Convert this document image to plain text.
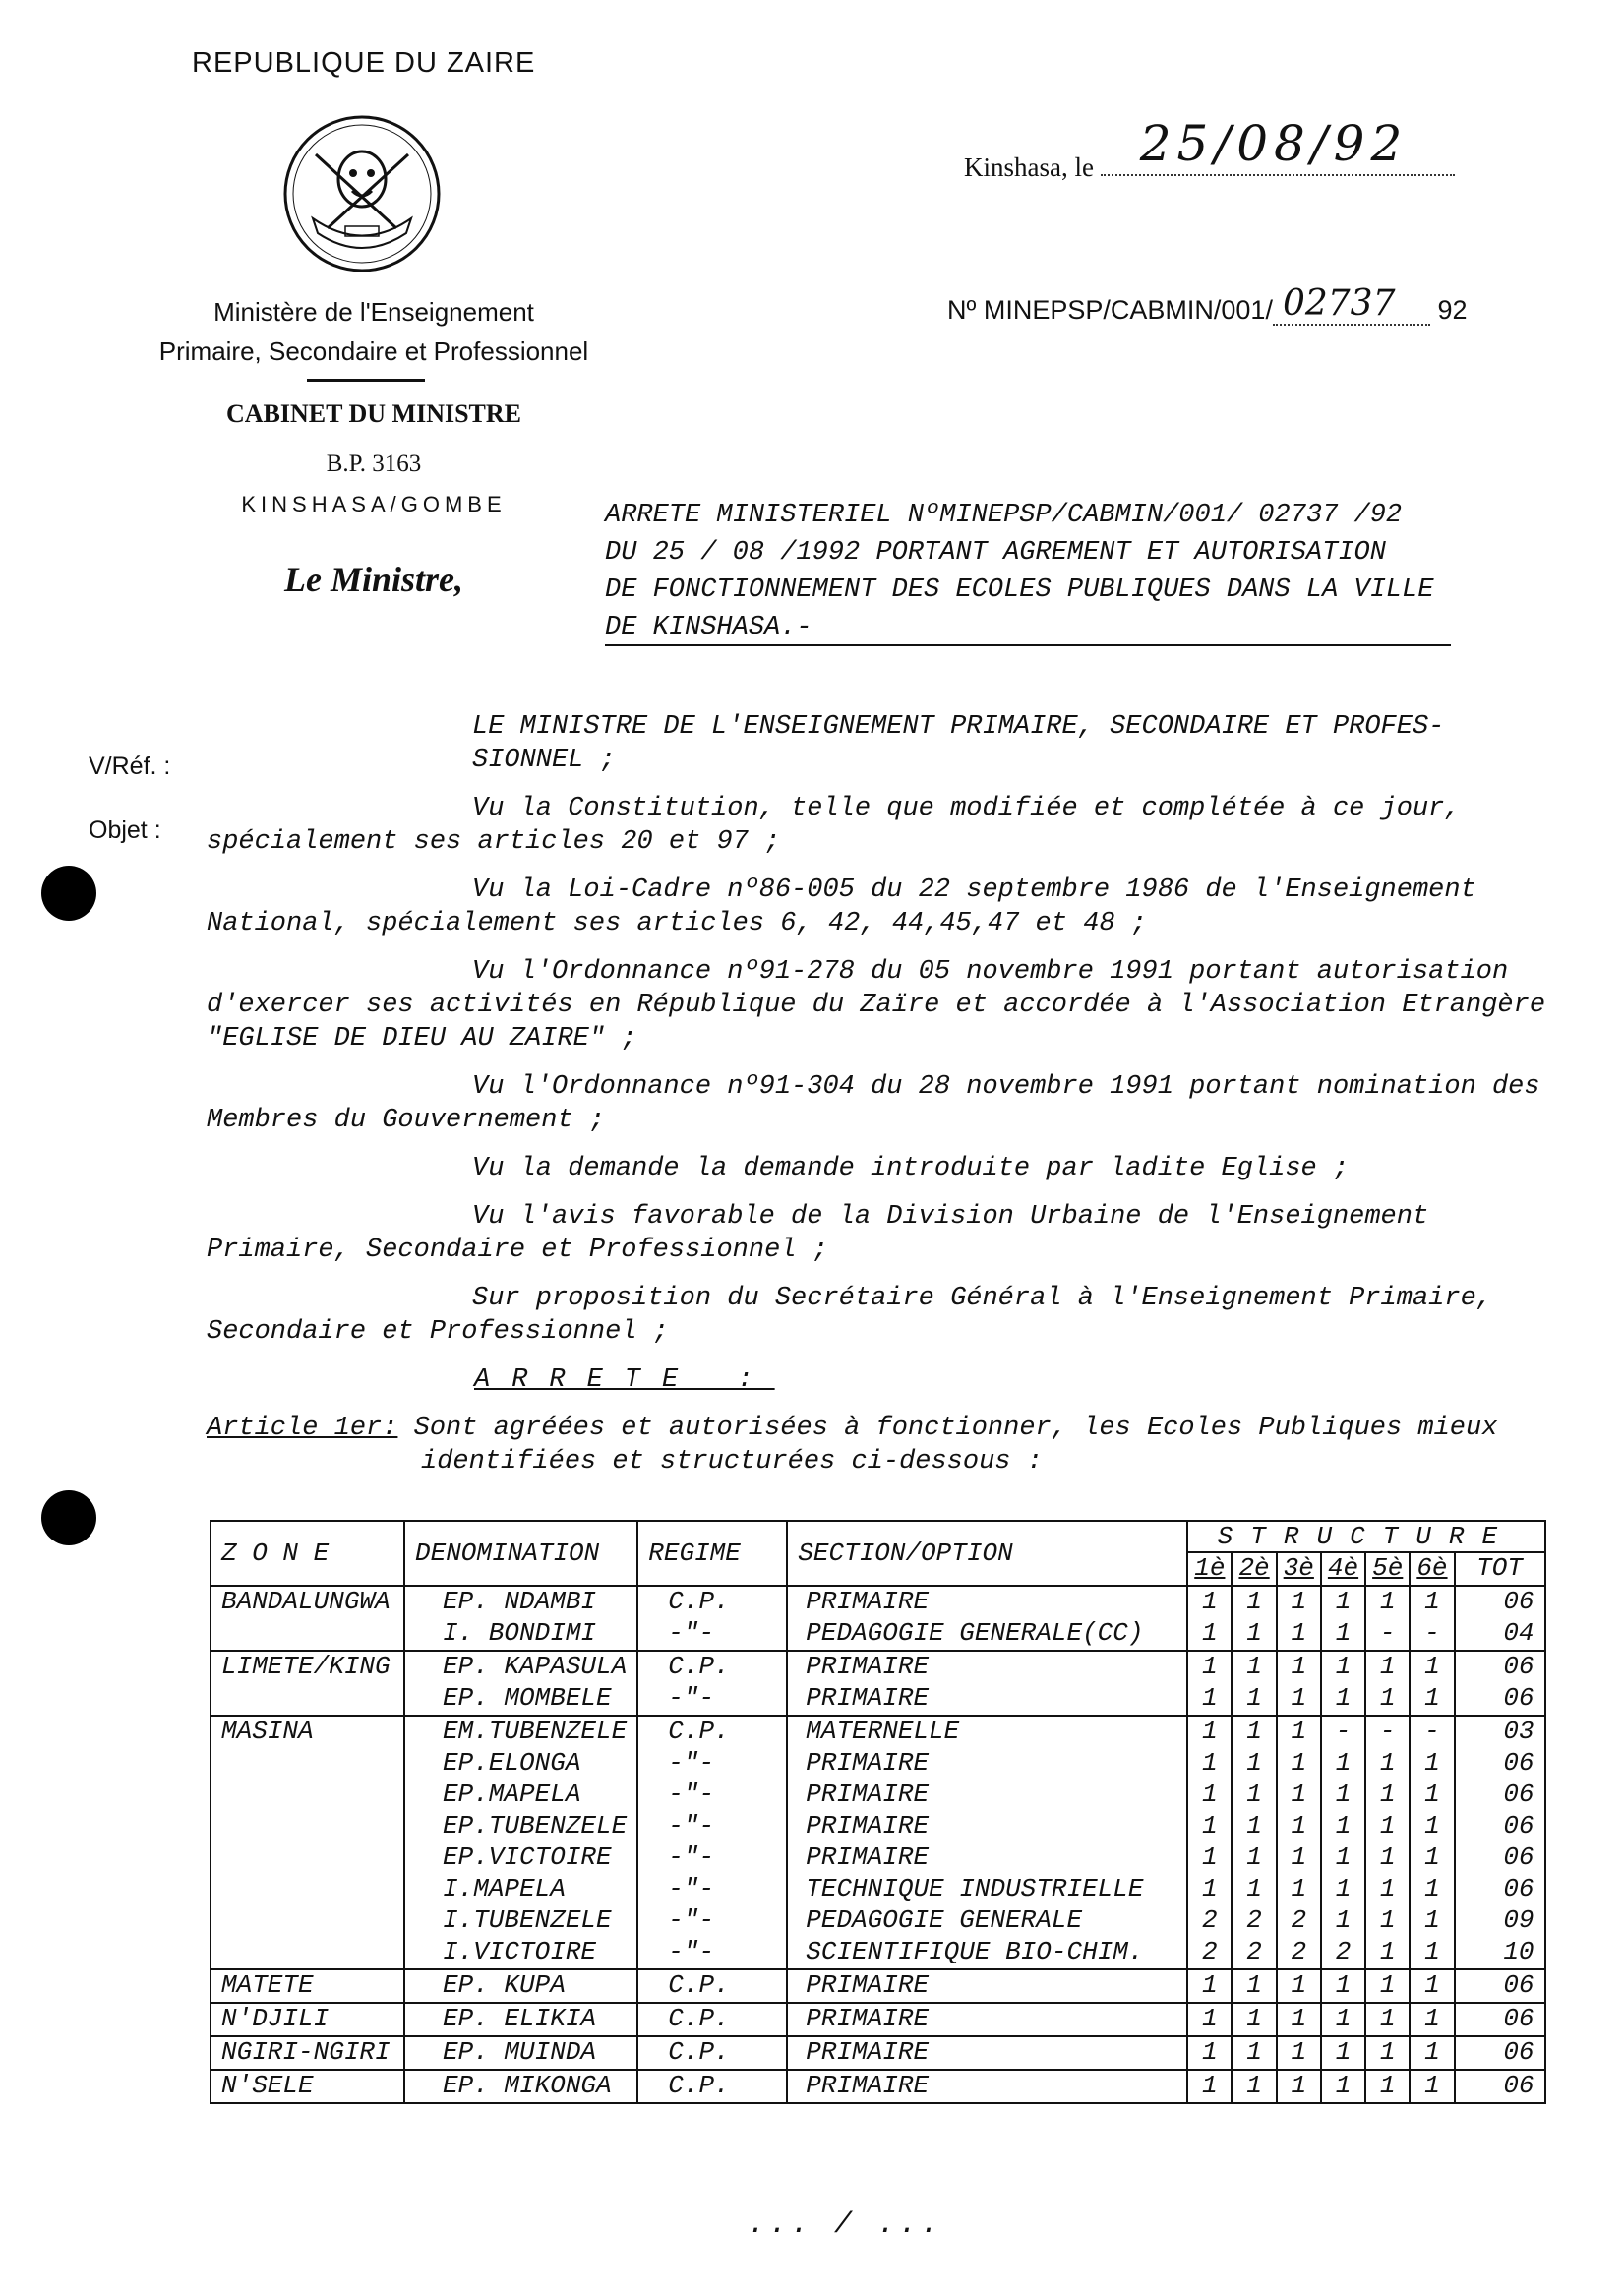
REPUBLIQUE DU ZAIRE
Ministère de l'Enseignement
Primaire, Secondaire et Professionnel
CABINET DU MINISTRE
B.P. 3163
KINSHASA/GOMBE
Le Ministre,
Kinshasa, le 25/08/92
Nº MINEPSP/CABMIN/001/ 02737 92
ARRETE MINISTERIEL NºMINEPSP/CABMIN/001/ 02737 /92
DU 25 / 08 /1992 PORTANT AGREMENT ET AUTORISATION
DE FONCTIONNEMENT DES ECOLES PUBLIQUES DANS LA VILLE
DE KINSHASA.-
V/Réf. :
Objet :

LE MINISTRE DE L'ENSEIGNEMENT PRIMAIRE, SECONDAIRE ET PROFES-
SIONNEL ;

Vu la Constitution, telle que modifiée et complétée à ce jour,
spécialement ses articles 20 et 97 ;

Vu la Loi-Cadre nº86-005 du 22 septembre 1986 de l'Enseignement
National, spécialement ses articles 6, 42, 44,45,47 et 48 ;

Vu l'Ordonnance nº91-278 du 05 novembre 1991 portant autorisation
d'exercer ses activités en République du Zaïre et accordée à l'Association Etrangère
"EGLISE DE DIEU AU ZAIRE" ;

Vu l'Ordonnance nº91-304 du 28 novembre 1991 portant nomination des
Membres du Gouvernement ;

Vu la demande la demande introduite par ladite Eglise ;

Vu l'avis favorable de la Division Urbaine de l'Enseignement
Primaire, Secondaire et Professionnel ;

Sur proposition du Secrétaire Général à l'Enseignement Primaire,
Secondaire et Professionnel ;

ARRETE :

Article 1er: Sont agréées et autorisées à fonctionner, les Ecoles Publiques mieux
identifiées et structurées ci-dessous :

Z O N E	DENOMINATION	REGIME	SECTION/OPTION	STRUCTURE						
				1è	2è	3è	4è	5è	6è	TOT
BANDALUNGWA	EP. NDAMBI	C.P.	PRIMAIRE	1	1	1	1	1	1	06
	I. BONDIMI	-"-	PEDAGOGIE GENERALE(CC)	1	1	1	1	-	-	04
LIMETE/KING	EP. KAPASULA	C.P.	PRIMAIRE	1	1	1	1	1	1	06
	EP. MOMBELE	-"-	PRIMAIRE	1	1	1	1	1	1	06
MASINA	EM.TUBENZELE	C.P.	MATERNELLE	1	1	1	-	-	-	03
	EP.ELONGA	-"-	PRIMAIRE	1	1	1	1	1	1	06
	EP.MAPELA	-"-	PRIMAIRE	1	1	1	1	1	1	06
	EP.TUBENZELE	-"-	PRIMAIRE	1	1	1	1	1	1	06
	EP.VICTOIRE	-"-	PRIMAIRE	1	1	1	1	1	1	06
	I.MAPELA	-"-	TECHNIQUE INDUSTRIELLE	1	1	1	1	1	1	06
	I.TUBENZELE	-"-	PEDAGOGIE GENERALE	2	2	2	1	1	1	09
	I.VICTOIRE	-"-	SCIENTIFIQUE BIO-CHIM.	2	2	2	2	1	1	10
MATETE	EP. KUPA	C.P.	PRIMAIRE	1	1	1	1	1	1	06
N'DJILI	EP. ELIKIA	C.P.	PRIMAIRE	1	1	1	1	1	1	06
NGIRI-NGIRI	EP. MUINDA	C.P.	PRIMAIRE	1	1	1	1	1	1	06
N'SELE	EP. MIKONGA	C.P.	PRIMAIRE	1	1	1	1	1	1	06
... / ...
